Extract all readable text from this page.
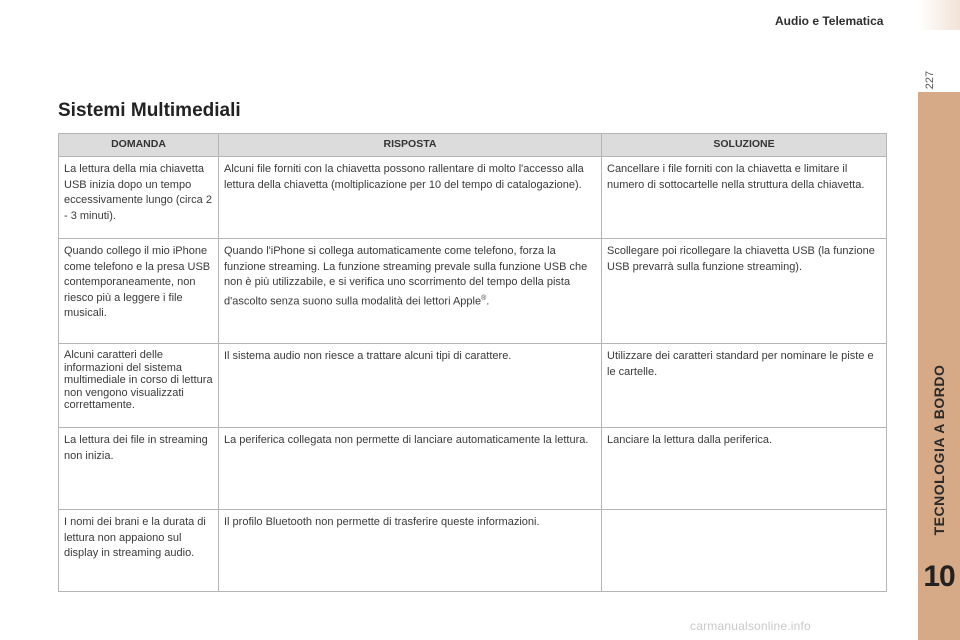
Audio e Telematica
227
TECNOLOGIA A BORDO
10
Sistemi Multimediali
DOMANDA	RISPOSTA	SOLUZIONE
La lettura della mia chiavetta USB inizia dopo un tempo eccessivamente lungo (circa 2 - 3 minuti).	Alcuni file forniti con la chiavetta possono rallentare di molto l'accesso alla lettura della chiavetta (moltiplicazione per 10 del tempo di catalogazione).	Cancellare i file forniti con la chiavetta e limitare il numero di sottocartelle nella struttura della chiavetta.
Quando collego il mio iPhone come telefono e la presa USB contemporaneamente, non riesco più a leggere i file musicali.	Quando l'iPhone si collega automaticamente come telefono, forza la funzione streaming. La funzione streaming prevale sulla funzione USB che non è più utilizzabile, e si verifica uno scorrimento del tempo della pista d'ascolto senza suono sulla modalità dei lettori Apple®.	Scollegare poi ricollegare la chiavetta USB (la funzione USB prevarrà sulla funzione streaming).
Alcuni caratteri delle informazioni del sistema multimediale in corso di lettura non vengono visualizzati correttamente.	Il sistema audio non riesce a trattare alcuni tipi di carattere.	Utilizzare dei caratteri standard per nominare le piste e le cartelle.
La lettura dei file in streaming non inizia.	La periferica collegata non permette di lanciare automaticamente la lettura.	Lanciare la lettura dalla periferica.
I nomi dei brani e la durata di lettura non appaiono sul display in streaming audio.	Il profilo Bluetooth non permette di trasferire queste informazioni.	
carmanualsonline.info
